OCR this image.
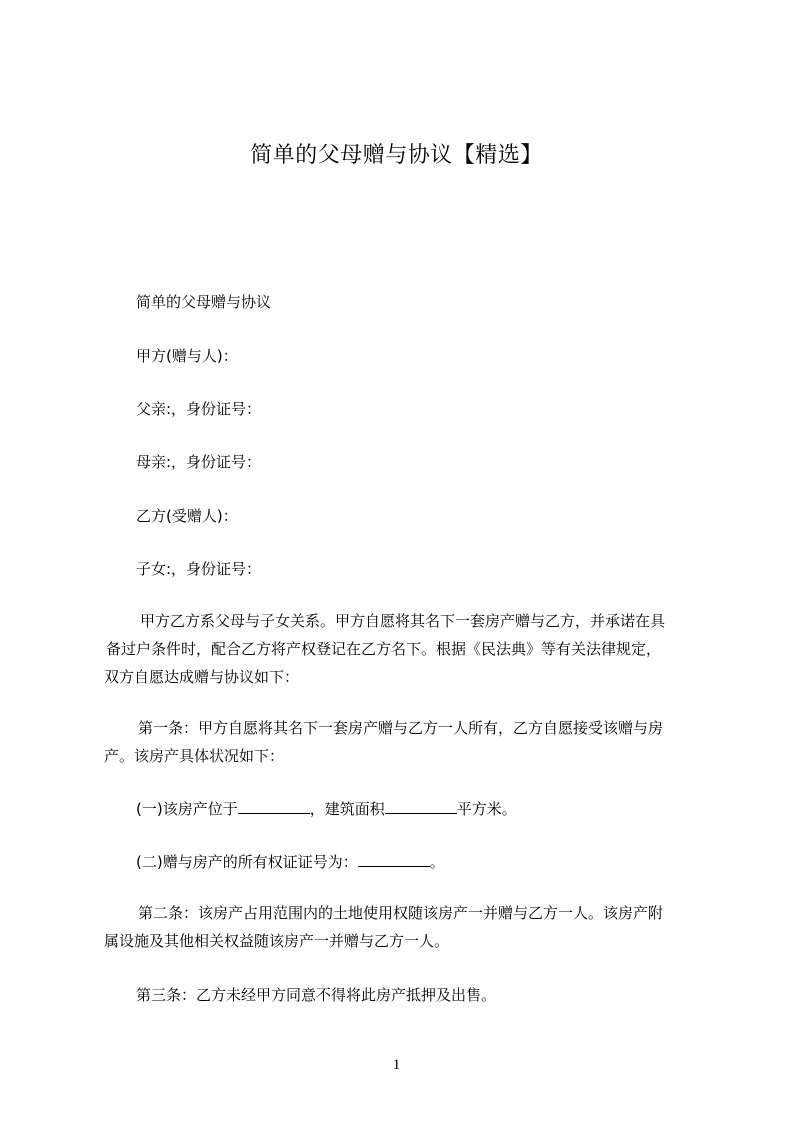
简单的父母赠与协议【精选】
简单的父母赠与协议
甲方(赠与人)：
父亲:，身份证号：
母亲:，身份证号：
乙方(受赠人)：
子女:，身份证号：
甲方乙方系父母与子女关系。甲方自愿将其名下一套房产赠与乙方，并承诺在具
备过户条件时，配合乙方将产权登记在乙方名下。根据《民法典》等有关法律规定，
双方自愿达成赠与协议如下：
第一条：甲方自愿将其名下一套房产赠与乙方一人所有，乙方自愿接受该赠与房
产。该房产具体状况如下：
(一)该房产位于	，建筑面积	平方米。
(二)赠与房产的所有权证证号为：	。
第二条：该房产占用范围内的土地使用权随该房产一并赠与乙方一人。该房产附
属设施及其他相关权益随该房产一并赠与乙方一人。
第三条：乙方未经甲方同意不得将此房产抵押及出售。
1
